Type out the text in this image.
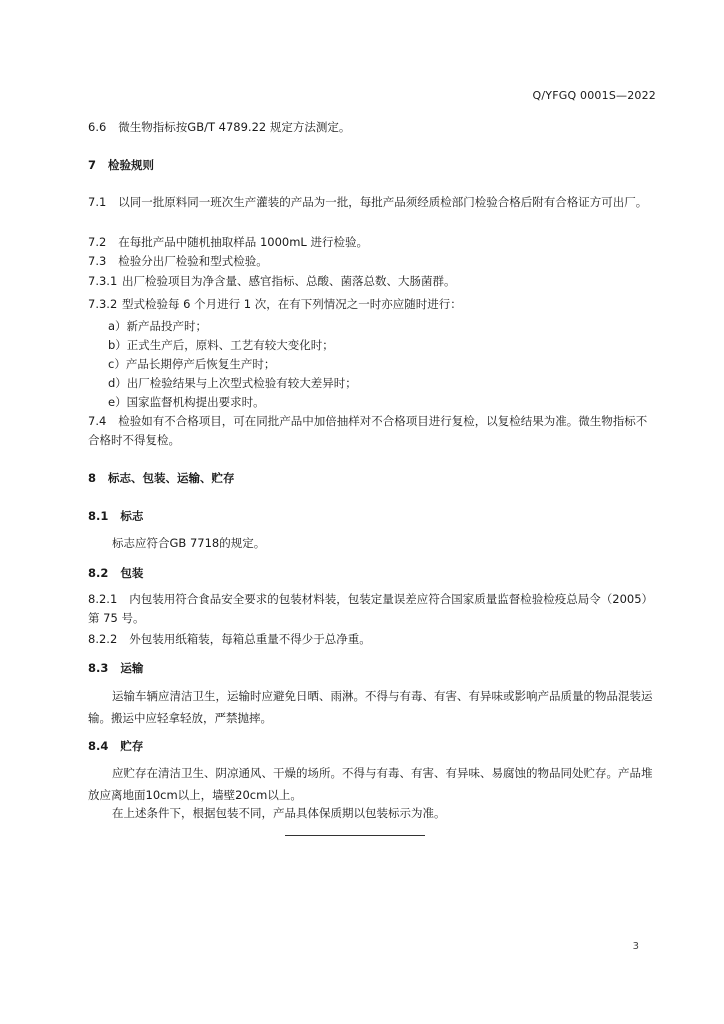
Q/YFGQ 0001S—2022
6.6 微生物指标按GB/T 4789.22 规定方法测定。
7 检验规则
7.1 以同一批原料同一班次生产灌装的产品为一批，每批产品须经质检部门检验合格后附有合格证方可出厂。
7.2 在每批产品中随机抽取样品 1000mL 进行检验。
7.3 检验分出厂检验和型式检验。
7.3.1 出厂检验项目为净含量、感官指标、总酸、菌落总数、大肠菌群。
7.3.2 型式检验每 6 个月进行 1 次，在有下列情况之一时亦应随时进行：
a）新产品投产时；
b）正式生产后，原料、工艺有较大变化时；
c）产品长期停产后恢复生产时；
d）出厂检验结果与上次型式检验有较大差异时；
e）国家监督机构提出要求时。
7.4 检验如有不合格项目，可在同批产品中加倍抽样对不合格项目进行复检，以复检结果为准。微生物指标不合格时不得复检。
8 标志、包装、运输、贮存
8.1 标志
标志应符合GB 7718的规定。
8.2 包装
8.2.1 内包装用符合食品安全要求的包装材料装，包装定量误差应符合国家质量监督检验检疫总局令（2005）第 75 号。
8.2.2 外包装用纸箱装，每箱总重量不得少于总净重。
8.3 运输
运输车辆应清洁卫生，运输时应避免日晒、雨淋。不得与有毒、有害、有异味或影响产品质量的物品混装运输。搬运中应轻拿轻放，严禁抛摔。
8.4 贮存
应贮存在清洁卫生、阴凉通风、干燥的场所。不得与有毒、有害、有异味、易腐蚀的物品同处贮存。产品堆放应离地面10cm以上，墙壁20cm以上。
在上述条件下，根据包装不同，产品具体保质期以包装标示为准。
3
